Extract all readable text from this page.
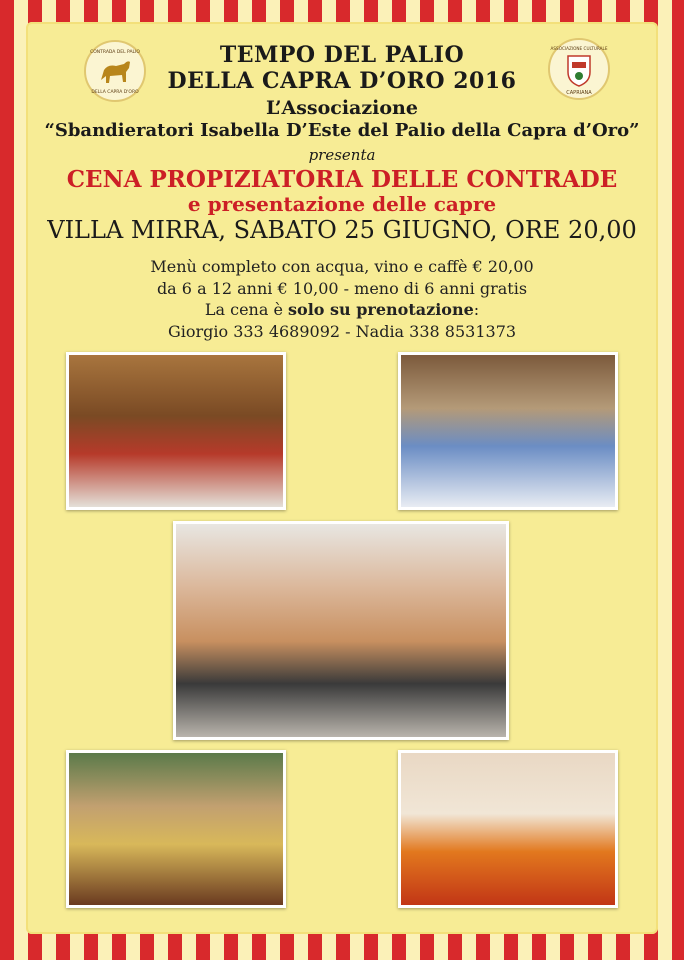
CONTRADA DEL PALIO
DELLA CAPRA D'ORO
ASSOCIAZIONE CULTURALE
CAPRIANA
TEMPO DEL PALIO
DELLA CAPRA D’ORO 2016
L’Associazione
“Sbandieratori Isabella D’Este del Palio della Capra d’Oro”
presenta
CENA PROPIZIATORIA DELLE CONTRADE
e presentazione delle capre
VILLA MIRRA, SABATO 25 GIUGNO, ORE 20,00
Menù completo con acqua, vino e caffè € 20,00
da 6 a 12 anni € 10,00 - meno di 6 anni gratis
La cena è solo su prenotazione:
Giorgio 333 4689092 - Nadia 338 8531373
